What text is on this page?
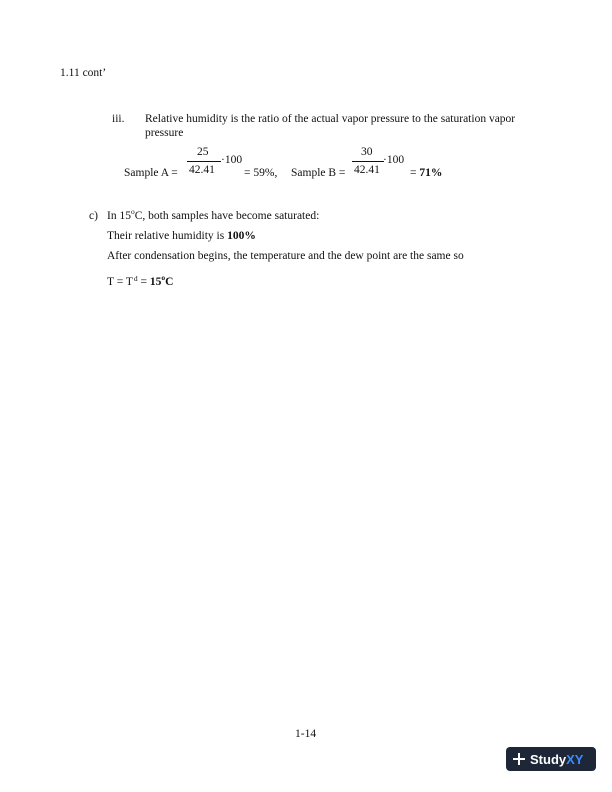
1.11 cont’
iii. Relative humidity is the ratio of the actual vapor pressure to the saturation vapor
pressure
Sample A =
25
42.41
·100
= 59%, Sample B =
30
42.41
·100
= 71%
c) In 15$^o$C, both samples have become saturated:
Their relative humidity is 100%
After condensation begins, the temperature and the dew point are the same so
$T = T^d = 15^oC$
1-14
Study XY
